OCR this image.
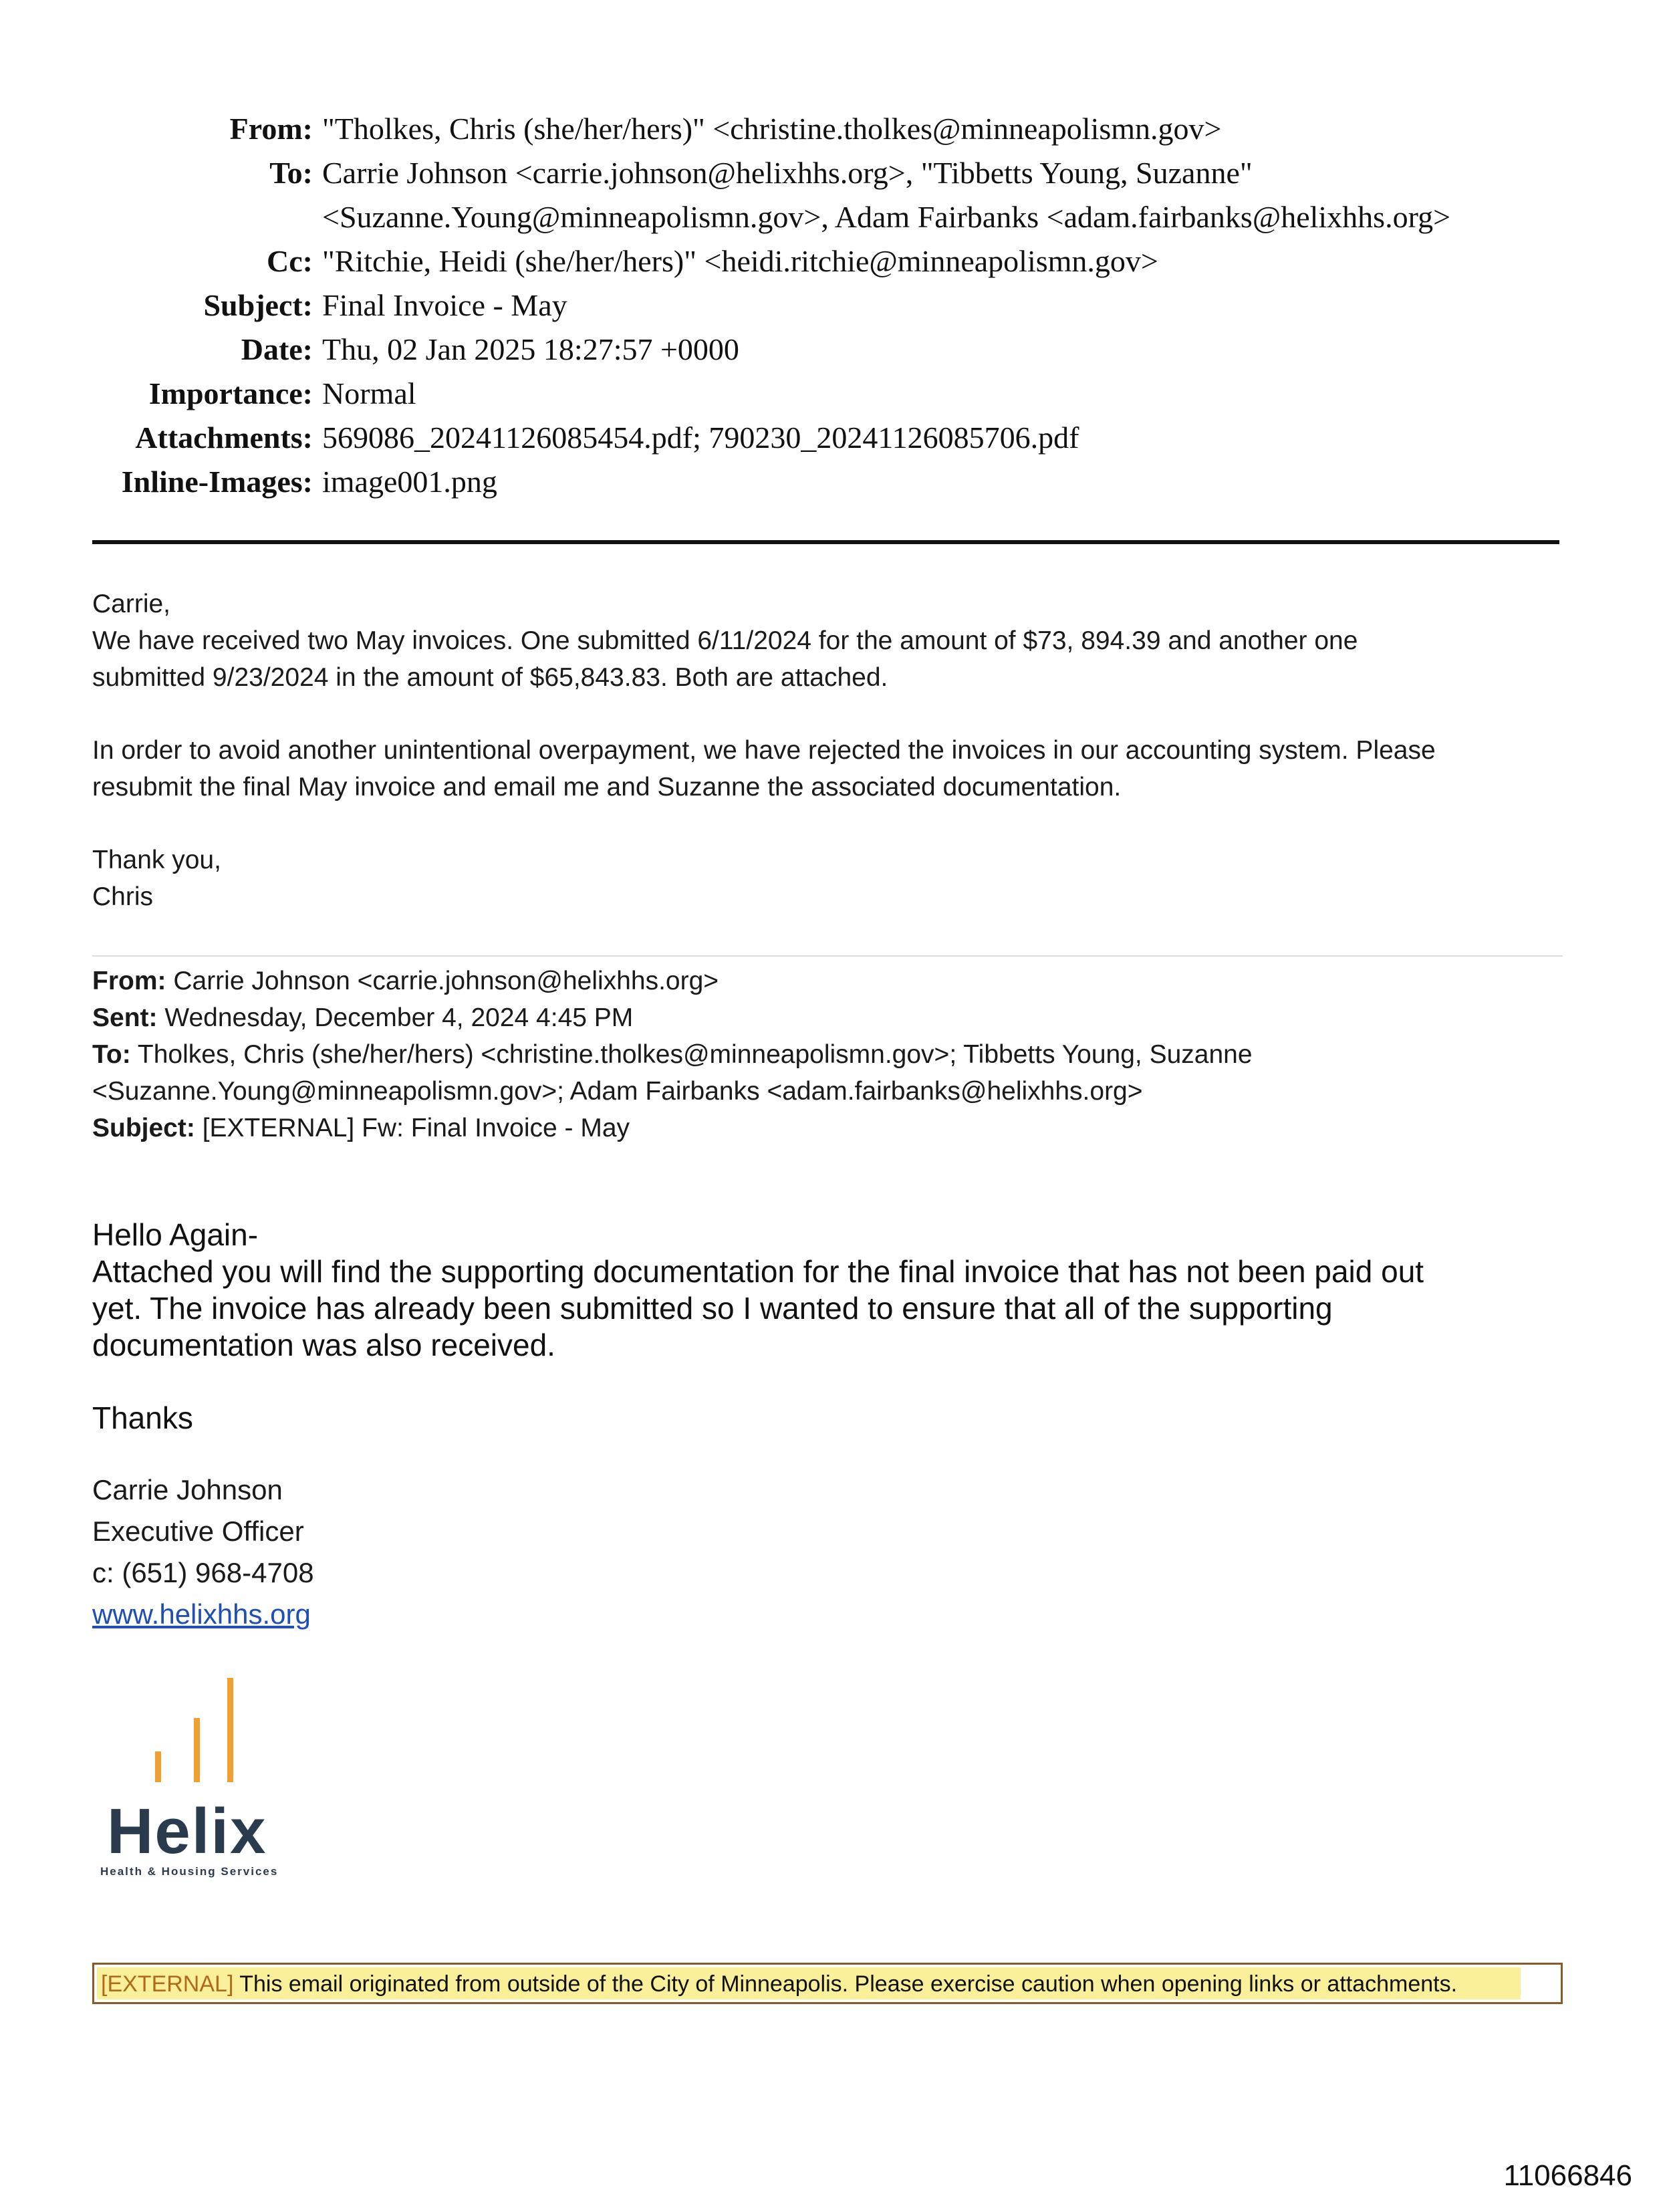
From: "Tholkes, Chris (she/her/hers)" <christine.tholkes@minneapolismn.gov>
To: Carrie Johnson <carrie.johnson@helixhhs.org>, "Tibbetts Young, Suzanne"
<Suzanne.Young@minneapolismn.gov>, Adam Fairbanks <adam.fairbanks@helixhhs.org>
Cc: "Ritchie, Heidi (she/her/hers)" <heidi.ritchie@minneapolismn.gov>
Subject: Final Invoice - May
Date: Thu, 02 Jan 2025 18:27:57 +0000
Importance: Normal
Attachments: 569086_20241126085454.pdf; 790230_20241126085706.pdf
Inline-Images: image001.png

Carrie,

We have received two May invoices. One submitted 6/11/2024 for the amount of $73, 894.39 and another one

submitted 9/23/2024 in the amount of $65,843.83. Both are attached.

In order to avoid another unintentional overpayment, we have rejected the invoices in our accounting system. Please

resubmit the final May invoice and email me and Suzanne the associated documentation.

Thank you,

Chris

From: Carrie Johnson <carrie.johnson@helixhhs.org>

Sent: Wednesday, December 4, 2024 4:45 PM

To: Tholkes, Chris (she/her/hers) <christine.tholkes@minneapolismn.gov>; Tibbetts Young, Suzanne

<Suzanne.Young@minneapolismn.gov>; Adam Fairbanks <adam.fairbanks@helixhhs.org>

Subject: [EXTERNAL] Fw: Final Invoice - May

Hello Again-

Attached you will find the supporting documentation for the final invoice that has not been paid out

yet. The invoice has already been submitted so I wanted to ensure that all of the supporting

documentation was also received.

Thanks

Carrie Johnson
Executive Officer
c: (651) 968-4708
www.helixhhs.org
Helix
Health & Housing Services
[EXTERNAL] This email originated from outside of the City of Minneapolis. Please exercise caution when opening links or attachments.
11066846
